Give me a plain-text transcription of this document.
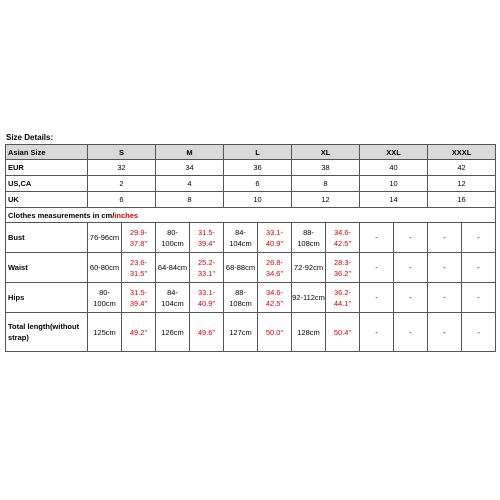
Size Details:
Asian Size	S		M		L		XL		XXL		XXXL	
EUR	32		34		36		38		40		42	
US,CA	2		4		6		8		10		12	
UK	6		8		10		12		14		16	
Clothes measurements in cm/inches												
Bust	76-96cm	29.9-37.8"	80-100cm	31.5-39.4"	84-104cm	33.1-40.9"	88-108cm	34.6-42.5"	-	-	-	-
Waist	60-80cm	23.6-31.5"	64-84cm	25.2-33.1"	68-88cm	26.8-34.6"	72-92cm	28.3-36.2"	-	-	-	-
Hips	80-100cm	31.5-39.4"	84-104cm	33.1-40.9"	88-108cm	34.6-42.5"	92-112cm	36.2-44.1"	-	-	-	-
Total length(without strap)	125cm	49.2"	126cm	49.6"	127cm	50.0"	128cm	50.4"	-	-	-	-
